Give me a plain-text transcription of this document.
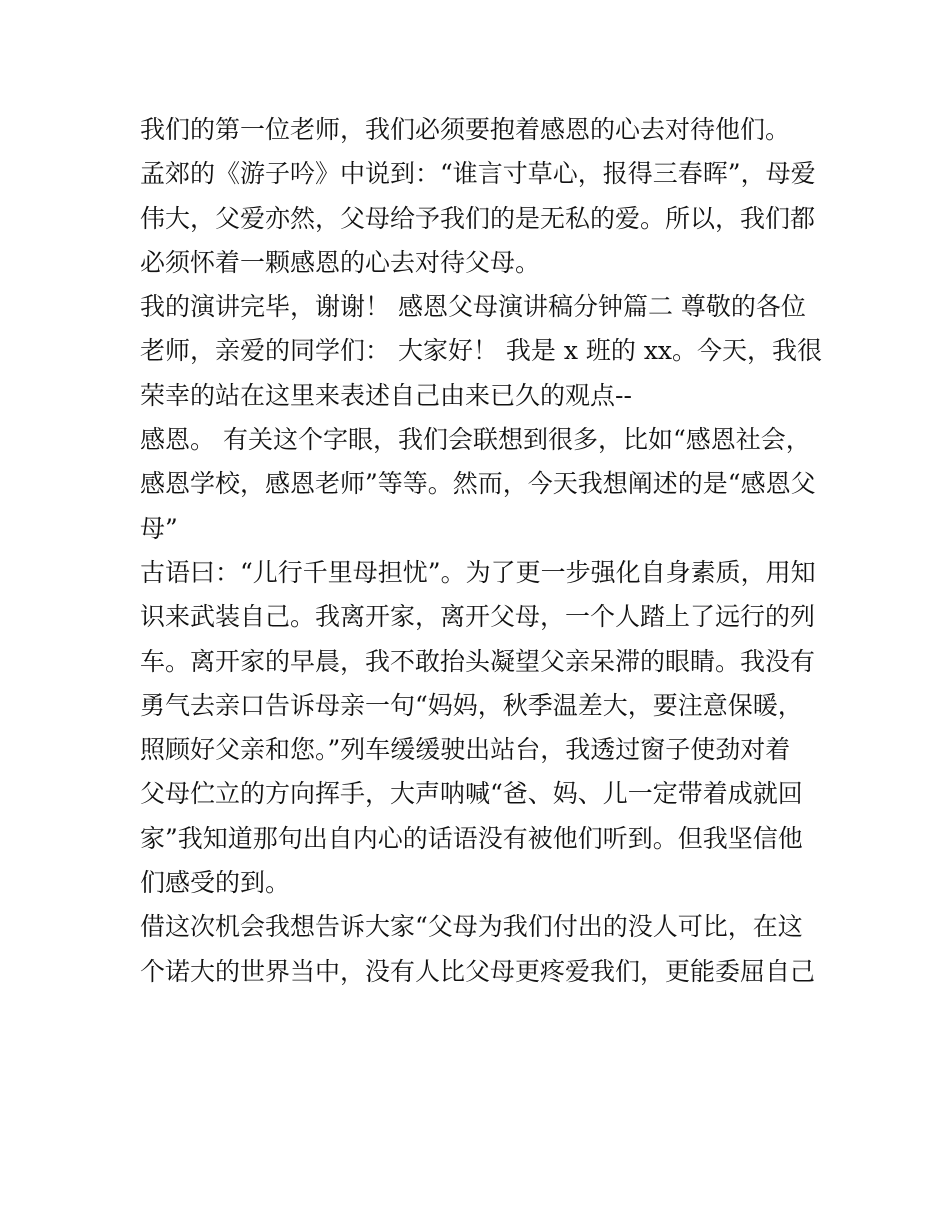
我们的第一位老师，我们必须要抱着感恩的心去对待他们。
孟郊的《游子吟》中说到：“谁言寸草心，报得三春晖”，母爱
伟大，父爱亦然，父母给予我们的是无私的爱。所以，我们都
必须怀着一颗感恩的心去对待父母。
我的演讲完毕，谢谢！ 感恩父母演讲稿分钟篇二 尊敬的各位
老师，亲爱的同学们： 大家好！ 我是 x 班的 xx。今天，我很
荣幸的站在这里来表述自己由来已久的观点--
感恩。 有关这个字眼，我们会联想到很多，比如“感恩社会，
感恩学校，感恩老师”等等。然而，今天我想阐述的是“感恩父
母”
古语曰：“儿行千里母担忧”。为了更一步强化自身素质，用知
识来武装自己。我离开家，离开父母，一个人踏上了远行的列
车。离开家的早晨，我不敢抬头凝望父亲呆滞的眼睛。我没有
勇气去亲口告诉母亲一句“妈妈，秋季温差大，要注意保暖，
照顾好父亲和您。”列车缓缓驶出站台，我透过窗子使劲对着
父母伫立的方向挥手，大声呐喊“爸、妈、儿一定带着成就回
家”我知道那句出自内心的话语没有被他们听到。但我坚信他
们感受的到。
借这次机会我想告诉大家“父母为我们付出的没人可比，在这
个诺大的世界当中，没有人比父母更疼爱我们，更能委屈自己
